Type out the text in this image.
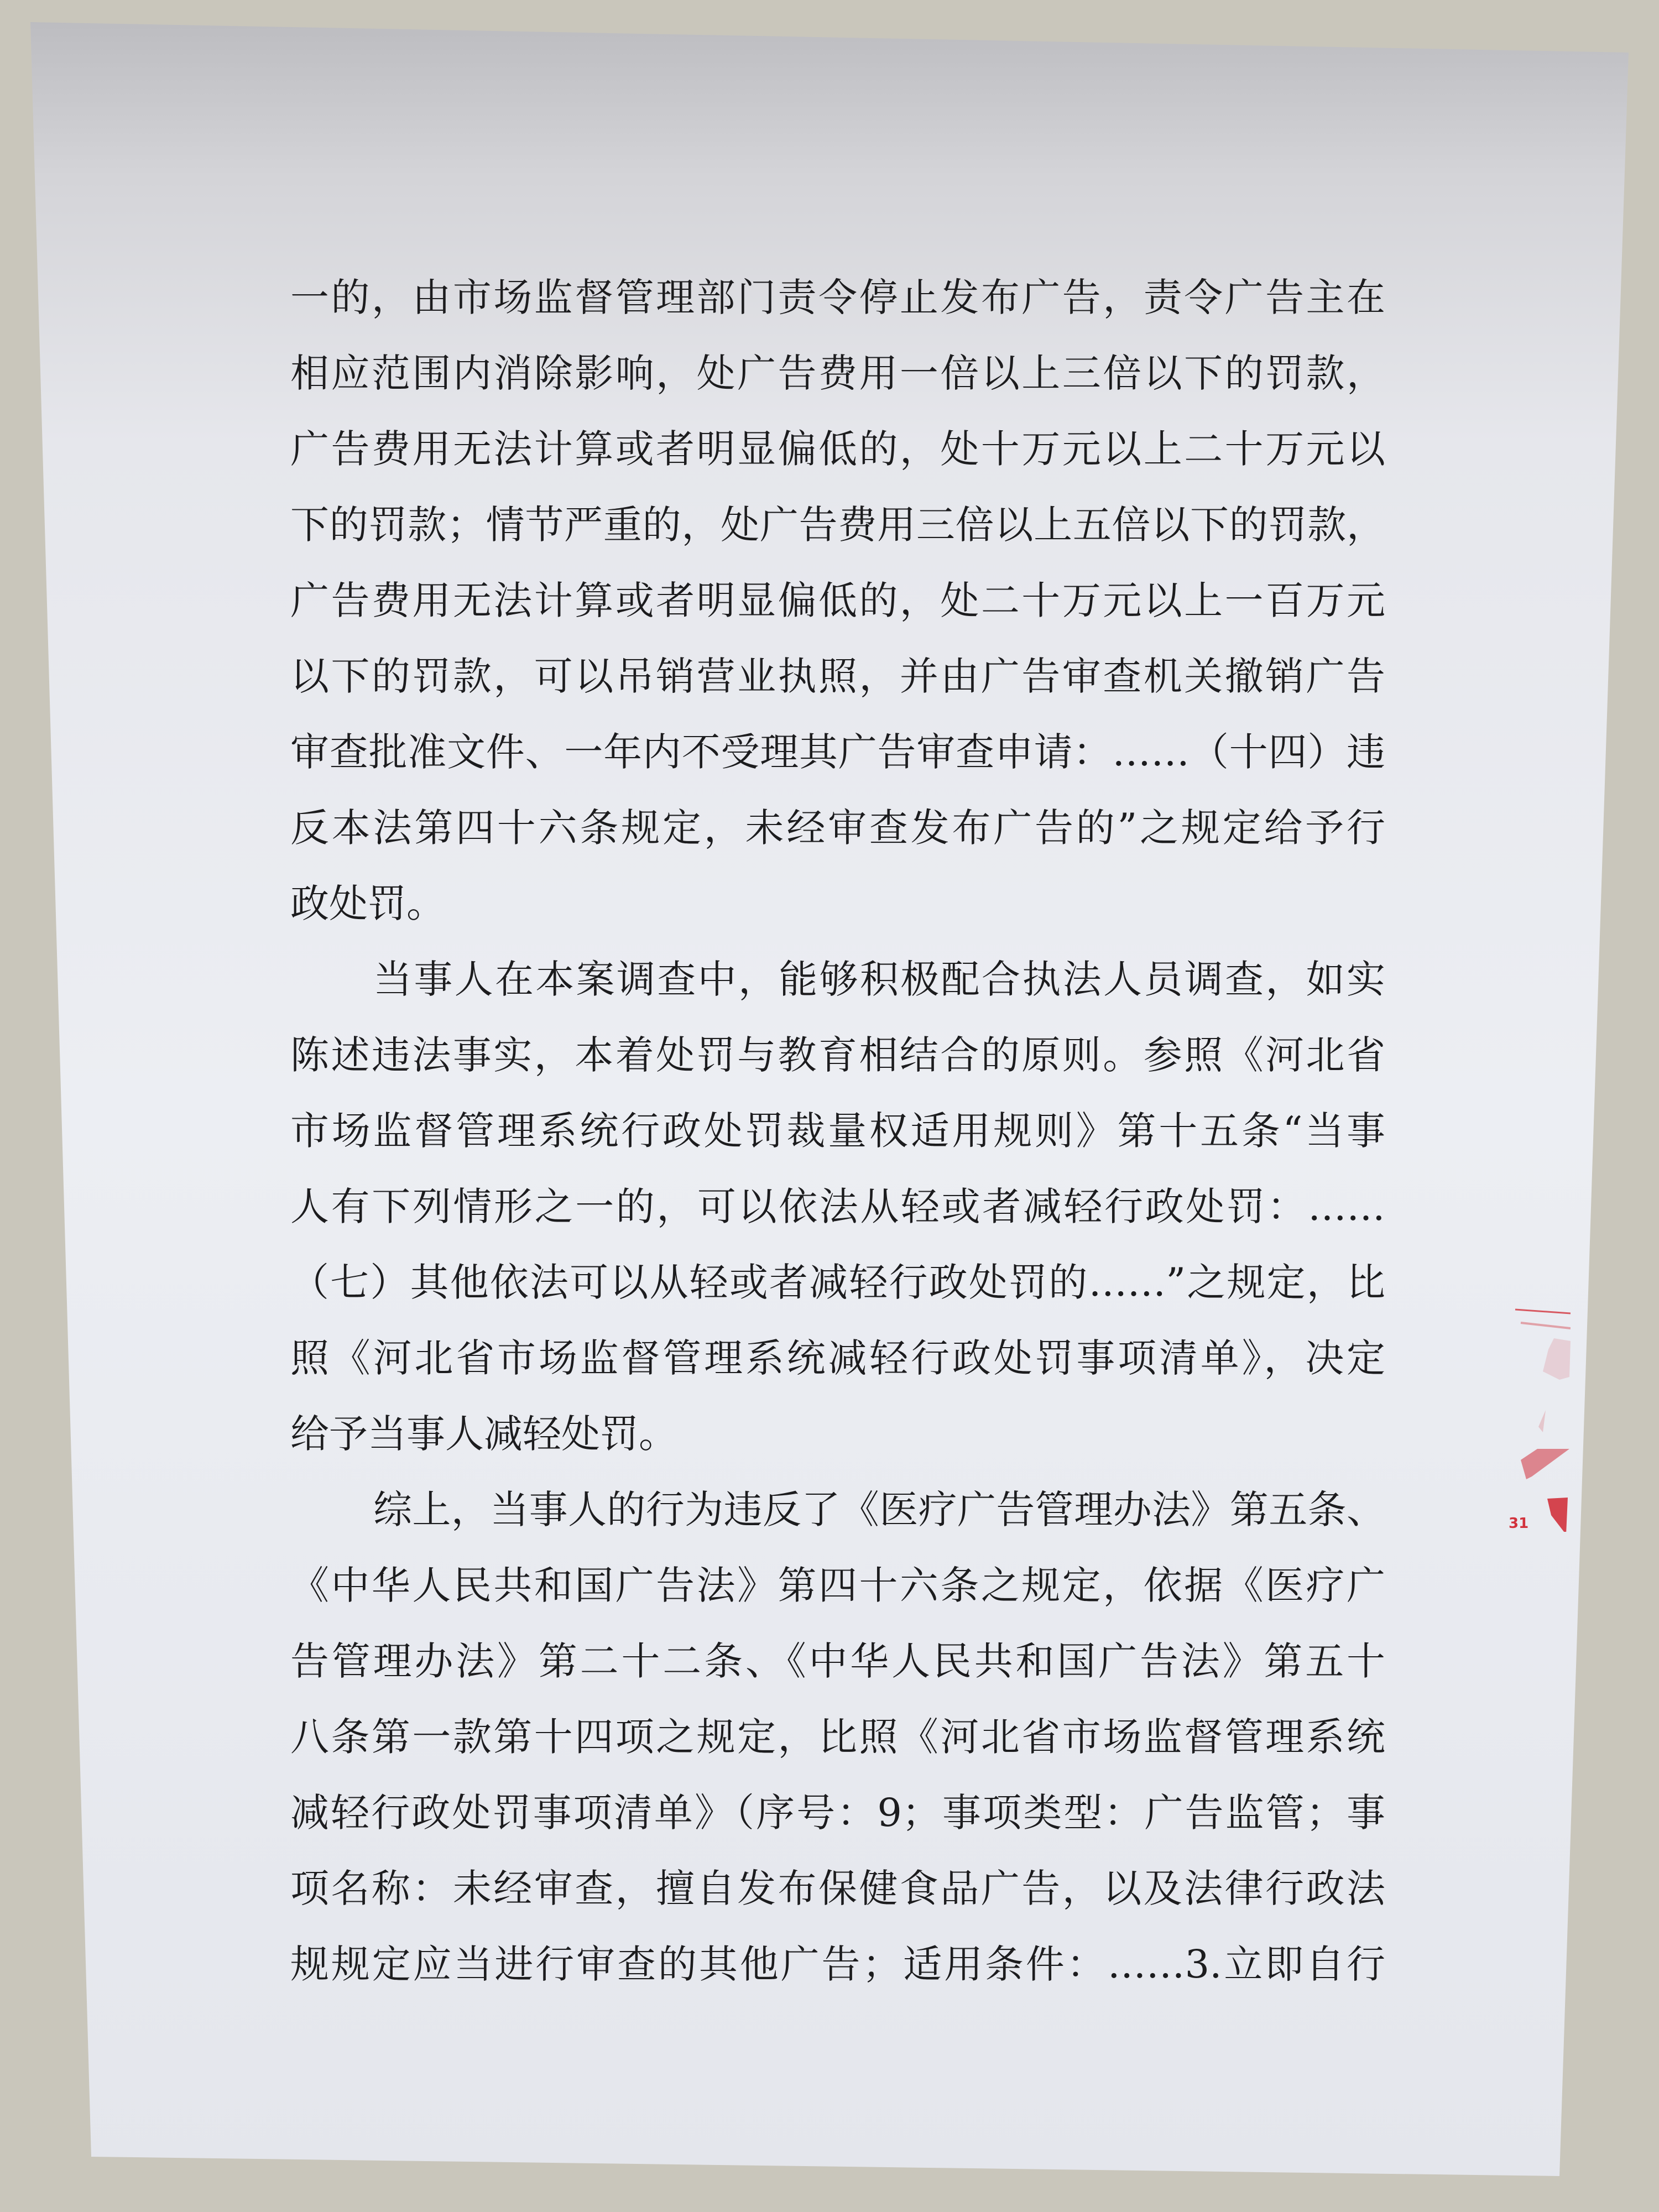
一的，由市场监督管理部门责令停止发布广告，责令广告主在
相应范围内消除影响，处广告费用一倍以上三倍以下的罚款，
广告费用无法计算或者明显偏低的，处十万元以上二十万元以
下的罚款；情节严重的，处广告费用三倍以上五倍以下的罚款，
广告费用无法计算或者明显偏低的，处二十万元以上一百万元
以下的罚款，可以吊销营业执照，并由广告审查机关撤销广告
审查批准文件、一年内不受理其广告审查申请：……（十四）违
反本法第四十六条规定，未经审查发布广告的”之规定给予行
政处罚。
当事人在本案调查中，能够积极配合执法人员调查，如实
陈述违法事实，本着处罚与教育相结合的原则。参照《河北省
市场监督管理系统行政处罚裁量权适用规则》第十五条“当事
人有下列情形之一的，可以依法从轻或者减轻行政处罚：……
（七）其他依法可以从轻或者减轻行政处罚的……”之规定，比
照《河北省市场监督管理系统减轻行政处罚事项清单》，决定
给予当事人减轻处罚。
综上，当事人的行为违反了《医疗广告管理办法》第五条、
《中华人民共和国广告法》第四十六条之规定，依据《医疗广
告管理办法》第二十二条、《中华人民共和国广告法》第五十
八条第一款第十四项之规定，比照《河北省市场监督管理系统
减轻行政处罚事项清单》（序号：9；事项类型：广告监管；事
项名称：未经审查，擅自发布保健食品广告，以及法律行政法
规规定应当进行审查的其他广告；适用条件：……3.立即自行
31
